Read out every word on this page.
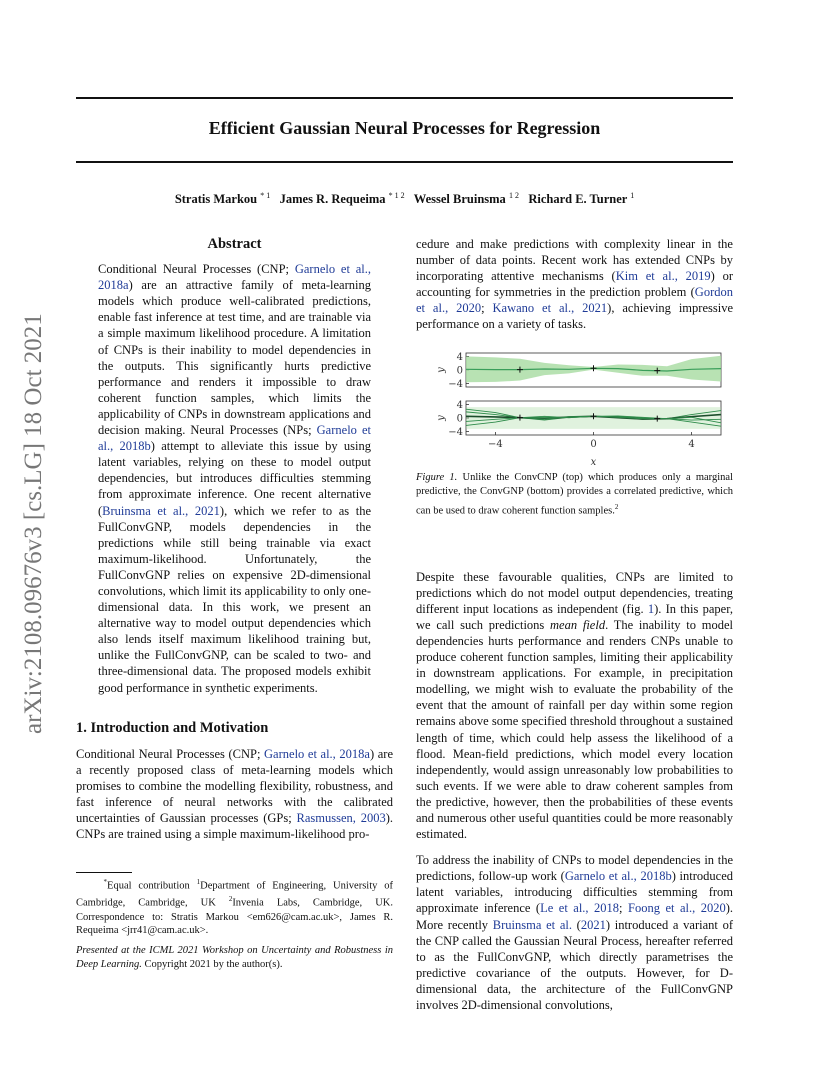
Efficient Gaussian Neural Processes for Regression
Stratis Markou $^{* 1}$ James R. Requeima $^{* 1 2}$ Wessel Bruinsma $^{1 2}$ Richard E. Turner $^1$
arXiv:2108.09676v3 [cs.LG] 18 Oct 2021

Abstract

Conditional Neural Processes (CNP; Garnelo et al., 2018a) are an attractive family of meta-learning models which produce well-calibrated predictions, enable fast inference at test time, and are trainable via a simple maximum likelihood procedure. A limitation of CNPs is their inability to model dependencies in the outputs. This significantly hurts predictive performance and renders it impossible to draw coherent function samples, which limits the applicability of CNPs in downstream applications and decision making. Neural Processes (NPs; Garnelo et al., 2018b) attempt to alleviate this issue by using latent variables, relying on these to model output dependencies, but introduces difficulties stemming from approximate inference. One recent alternative (Bruinsma et al., 2021), which we refer to as the FullConvGNP, models dependencies in the predictions while still being trainable via exact maximum-likelihood. Unfortunately, the FullConvGNP relies on expensive 2D-dimensional convolutions, which limit its applicability to only one-dimensional data. In this work, we present an alternative way to model output dependencies which also lends itself maximum likelihood training but, unlike the FullConvGNP, can be scaled to two- and three-dimensional data. The proposed models exhibit good performance in synthetic experiments.

1. Introduction and Motivation

Conditional Neural Processes (CNP; Garnelo et al., 2018a) are a recently proposed class of meta-learning models which promises to combine the modelling flexibility, robustness, and fast inference of neural networks with the calibrated uncertainties of Gaussian processes (GPs; Rasmussen, 2003). CNPs are trained using a simple maximum-likelihood pro-

*Equal contribution $^1$Department of Engineering, University of Cambridge, Cambridge, UK $^2$Invenia Labs, Cambridge, UK. Correspondence to: Stratis Markou <em626@cam.ac.uk>, James R. Requeima <jrr41@cam.ac.uk>.
Presented at the ICML 2021 Workshop on Uncertainty and Robustness in Deep Learning. Copyright 2021 by the author(s).

cedure and make predictions with complexity linear in the number of data points. Recent work has extended CNPs by incorporating attentive mechanisms (Kim et al., 2019) or accounting for symmetries in the prediction problem (Gordon et al., 2020; Kawano et al., 2021), achieving impressive performance on a variety of tasks.

Despite these favourable qualities, CNPs are limited to predictions which do not model output dependencies, treating different input locations as independent (fig. 1). In this paper, we call such predictions mean field. The inability to model dependencies hurts performance and renders CNPs unable to produce coherent function samples, limiting their applicability in downstream applications. For example, in precipitation modelling, we might wish to evaluate the probability of the event that the amount of rainfall per day within some region remains above some specified threshold throughout a sustained length of time, which could help assess the likelihood of a flood. Mean-field predictions, which model every location independently, would assign unreasonably low probabilities to such events. If we were able to draw coherent samples from the predictive, however, then the probabilities of these events and numerous other useful quantities could be more reasonably estimated.

To address the inability of CNPs to model dependencies in the predictions, follow-up work (Garnelo et al., 2018b) introduced latent variables, introducing difficulties stemming from approximate inference (Le et al., 2018; Foong et al., 2020). More recently Bruinsma et al. (2021) introduced a variant of the CNP called the Gaussian Neural Process, hereafter referred to as the FullConvGNP, which directly parametrises the predictive covariance of the outputs. However, for D-dimensional data, the architecture of the FullConvGNP involves 2D-dimensional convolutions,

4
0
−4
y
4
0
−4
y
−4	0	4
x
Figure 1. Unlike the ConvCNP (top) which produces only a marginal predictive, the ConvGNP (bottom) provides a correlated predictive, which can be used to draw coherent function samples.$^2$
